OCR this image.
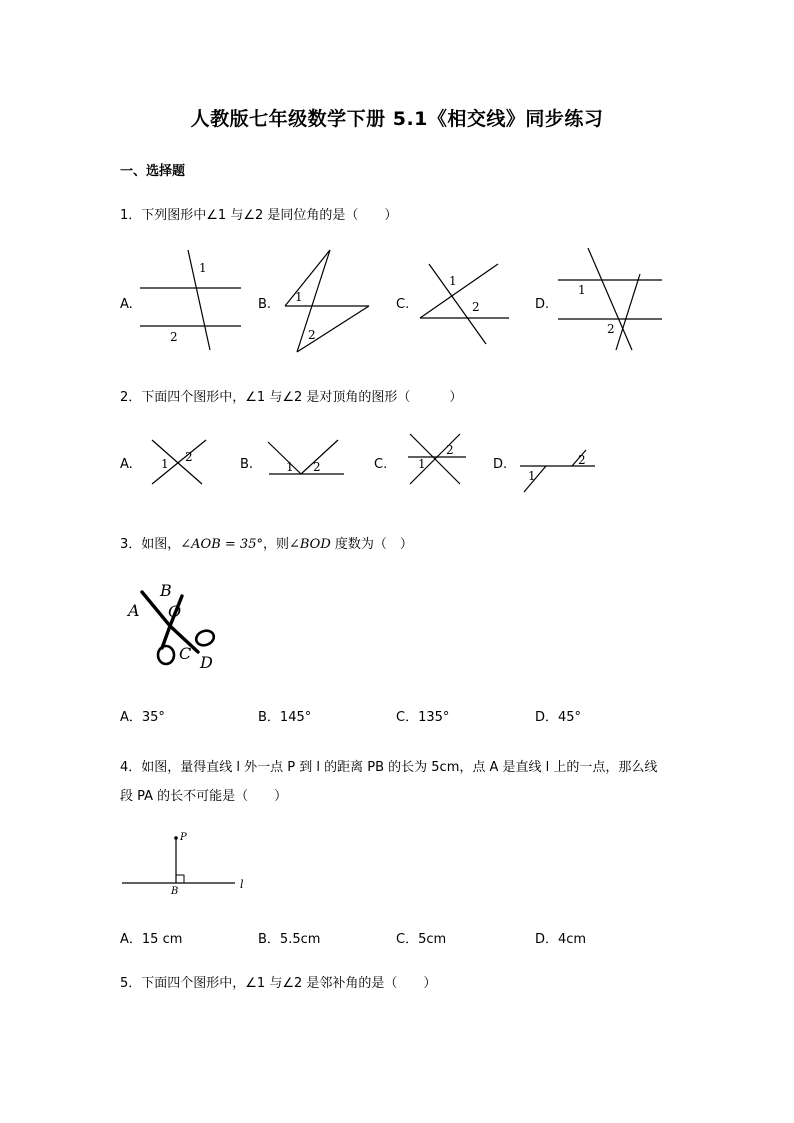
人教版七年级数学下册 5.1《相交线》同步练习
一、选择题
1．下列图形中∠1 与∠2 是同位角的是（　　）
A.
1
2
B. 1
2
C.
1
2	D.
1
2
2．下面四个图形中，∠1 与∠2 是对顶角的图形（　　　）
A. 1 2	B.	1 2	C.	1
2
D.
1
2
3．如图，∠AOB = 35°，则∠BOD 度数为（　）
A
B
O
C D
A．35°	B．145°	C．135°	D．45°
4．如图，量得直线 l 外一点 P 到 l 的距离 PB 的长为 5cm，点 A 是直线 l 上的一点，那么线
段 PA 的长不可能是（　　）
P
B
l
A．15 cm	B．5.5cm	C．5cm	D．4cm
5．下面四个图形中，∠1 与∠2 是邻补角的是（　　）
